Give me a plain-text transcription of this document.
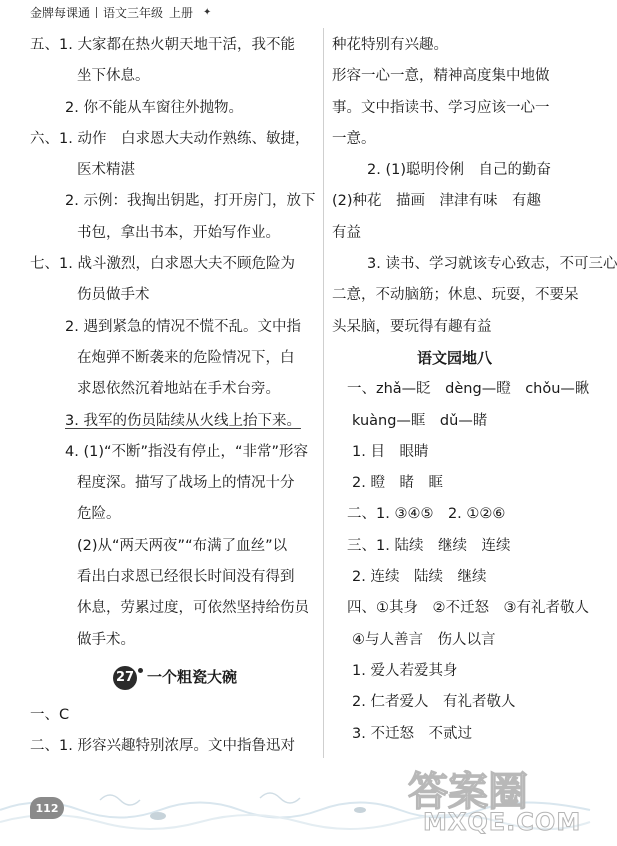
金牌每课通 语文三年级 上册 ✦
五、1. 大家都在热火朝天地干活，我不能
坐下休息。
2. 你不能从车窗往外抛物。
六、1. 动作　白求恩大夫动作熟练、敏捷，
医术精湛
2. 示例：我掏出钥匙，打开房门，放下
书包，拿出书本，开始写作业。
七、1. 战斗激烈，白求恩大夫不顾危险为
伤员做手术
2. 遇到紧急的情况不慌不乱。文中指
在炮弹不断袭来的危险情况下，白
求恩依然沉着地站在手术台旁。
3. 我军的伤员陆续从火线上抬下来。
4. (1)“不断”指没有停止，“非常”形容
程度深。描写了战场上的情况十分
危险。
(2)从“两天两夜”“布满了血丝”以
看出白求恩已经很长时间没有得到
休息，劳累过度，可依然坚持给伤员
做手术。
27 一个粗瓷大碗
一、C
二、1. 形容兴趣特别浓厚。文中指鲁迅对
种花特别有兴趣。
形容一心一意，精神高度集中地做
事。文中指读书、学习应该一心一
一意。
2. (1)聪明伶俐　自己的勤奋
(2)种花　描画　津津有味　有趣
有益
3. 读书、学习就该专心致志，不可三心
二意，不动脑筋；休息、玩耍，不要呆
头呆脑，要玩得有趣有益
语文园地八
一、zhǎ—眨　dèng—瞪　chǒu—瞅
kuàng—眶　dǔ—睹
1. 目　眼睛
2. 瞪　睹　眶
二、1. ③④⑤　2. ①②⑥
三、1. 陆续　继续　连续
2. 连续　陆续　继续
四、①其身　②不迁怒　③有礼者敬人
④与人善言　伤人以言
1. 爱人若爱其身
2. 仁者爱人　有礼者敬人
3. 不迁怒　不贰过
112	答案圈
MXQE.COM
